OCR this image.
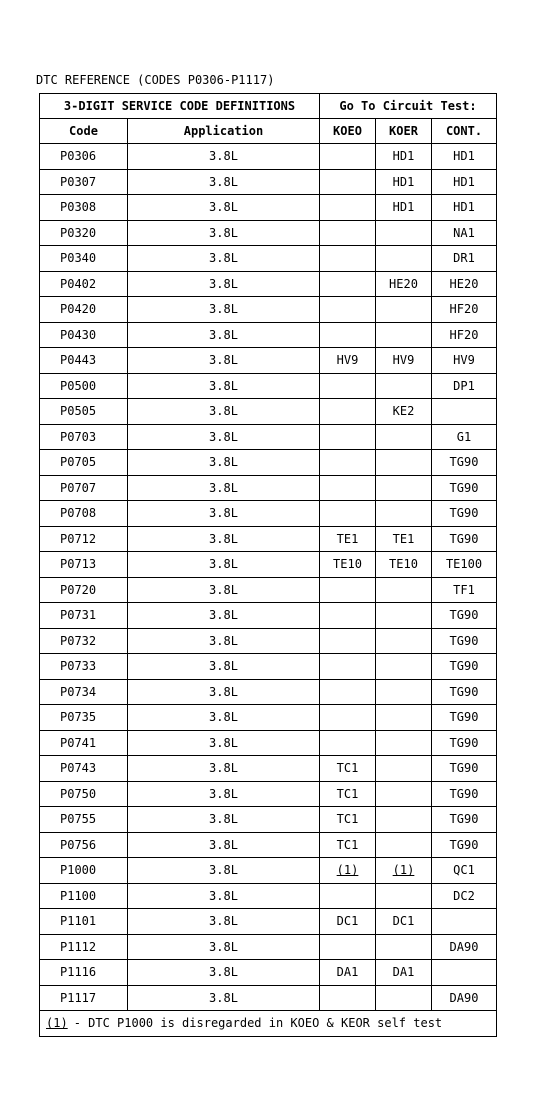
DTC REFERENCE (CODES P0306-P1117)
3-DIGIT SERVICE CODE DEFINITIONS		Go To Circuit Test:		
Code	Application	KOEO	KOER	CONT.
P0306	3.8L		HD1	HD1
P0307	3.8L		HD1	HD1
P0308	3.8L		HD1	HD1
P0320	3.8L			NA1
P0340	3.8L			DR1
P0402	3.8L		HE20	HE20
P0420	3.8L			HF20
P0430	3.8L			HF20
P0443	3.8L	HV9	HV9	HV9
P0500	3.8L			DP1
P0505	3.8L		KE2	
P0703	3.8L			G1
P0705	3.8L			TG90
P0707	3.8L			TG90
P0708	3.8L			TG90
P0712	3.8L	TE1	TE1	TG90
P0713	3.8L	TE10	TE10	TE100
P0720	3.8L			TF1
P0731	3.8L			TG90
P0732	3.8L			TG90
P0733	3.8L			TG90
P0734	3.8L			TG90
P0735	3.8L			TG90
P0741	3.8L			TG90
P0743	3.8L	TC1		TG90
P0750	3.8L	TC1		TG90
P0755	3.8L	TC1		TG90
P0756	3.8L	TC1		TG90
P1000	3.8L	(1)	(1)	QC1
P1100	3.8L			DC2
P1101	3.8L	DC1	DC1	
P1112	3.8L			DA90
P1116	3.8L	DA1	DA1	
P1117	3.8L			DA90
(1) - DTC P1000 is disregarded in KOEO & KEOR self test				
